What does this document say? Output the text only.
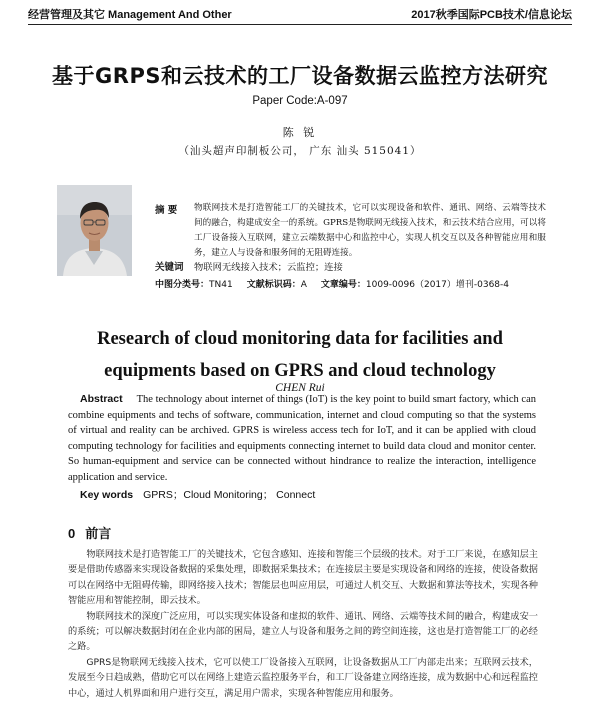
经营管理及其它 Management And Other	2017秋季国际PCB技术/信息论坛
基于GRPS和云技术的工厂设备数据云监控方法研究
Paper Code:A-097
陈 锐
（汕头超声印制板公司， 广东 汕头 515041）
摘 要 物联网技术是打造智能工厂的关键技术，它可以实现设备和软件、通讯、网络、云端等技术间的融合，构建成安全一的系统。GPRS是物联网无线接入技术，和云技术结合应用，可以将工厂设备接入互联网，建立云端数据中心和监控中心，实现人机交互以及各种智能应用和服务，建立人与设备和服务间的无阻碍连接。
关键词 物联网无线接入技术；云监控；连接
中图分类号：TN41 文献标识码：A 文章编号：1009-0096（2017）增刊-0368-4
Research of cloud monitoring data for facilities and
equipments based on GPRS and cloud technology
CHEN Rui
Abstract The technology about internet of things (IoT) is the key point to build smart factory, which can combine equipments and techs of software, communication, internet and cloud computing so that the systems of virtual and reality can be archived. GPRS is wireless access tech for IoT, and it can be applied with cloud computing technology for facilities and equipments connecting internet to build data cloud and monitor center. So human-equipment and service can be connected without hindrance to realize the interaction, intelligence application and service.
Key words GPRS；Cloud Monitoring； Connect
0 前言

物联网技术是打造智能工厂的关键技术，它包含感知、连接和智能三个层级的技术。对于工厂来说，在感知层主要是借助传感器来实现设备数据的采集处理，即数据采集技术；在连接层主要是实现设备和网络的连接，使设备数据可以在网络中无阻碍传输，即网络接入技术；智能层也叫应用层，可通过人机交互、大数据和算法等技术，实现各种智能应用和智能控制，即云技术。

物联网技术的深度广泛应用，可以实现实体设备和虚拟的软件、通讯、网络、云端等技术间的融合，构建成安一的系统；可以解决数据封闭在企业内部的困局，建立人与设备和服务之间的跨空间连接，这也是打造智能工厂的必经之路。

GPRS是物联网无线接入技术，它可以使工厂设备接入互联网，让设备数据从工厂内部走出来；互联网云技术，发展至今日趋成熟，借助它可以在网络上建造云监控服务平台，和工厂设备建立网络连接，成为数据中心和远程监控中心，通过人机界面和用户进行交互，满足用户需求，实现各种智能应用和服务。
